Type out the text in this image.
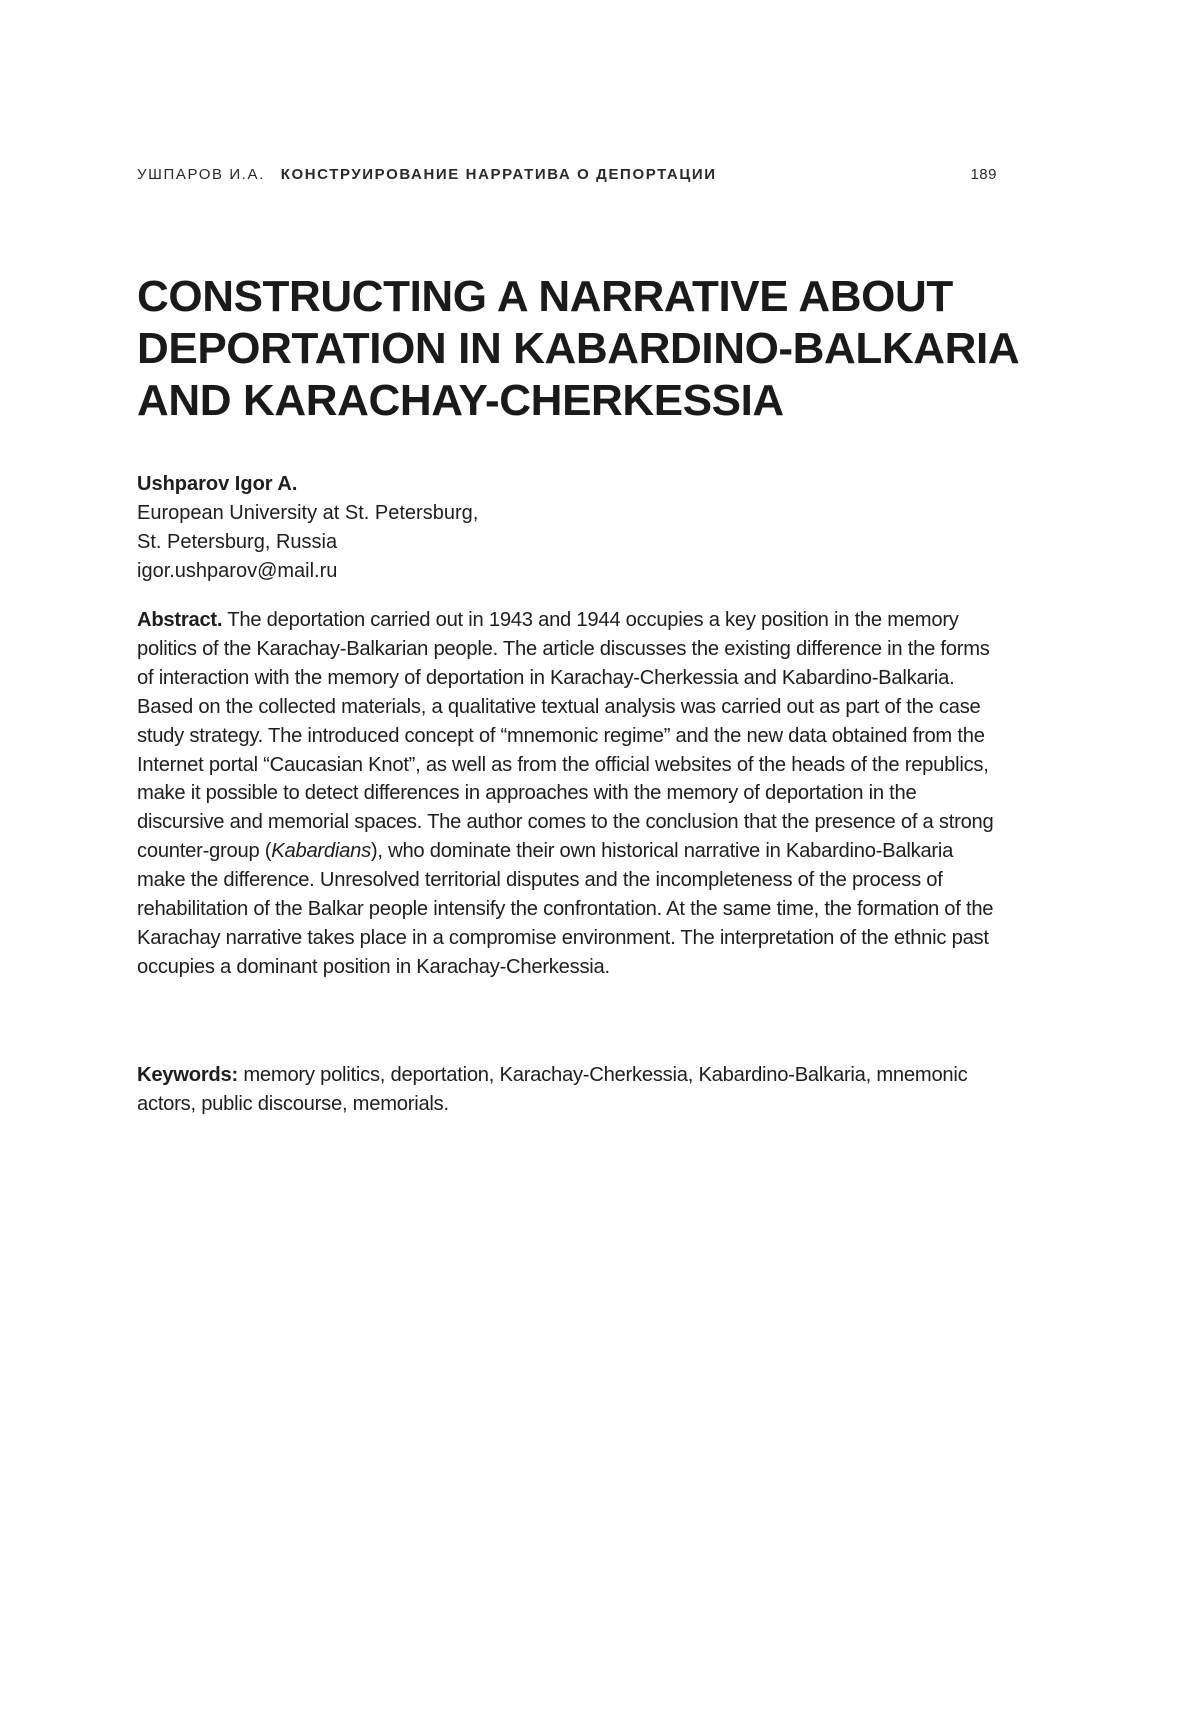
УШПАРОВ И.А. КОНСТРУИРОВАНИЕ НАРРАТИВА О ДЕПОРТАЦИИ	189
CONSTRUCTING A NARRATIVE ABOUT
DEPORTATION IN KABARDINO-BALKARIA
AND KARACHAY-CHERKESSIA
Ushparov Igor A.
European University at St. Petersburg,
St. Petersburg, Russia
igor.ushparov@mail.ru

Abstract. The deportation carried out in 1943 and 1944 occupies a key position in the memory politics of the Karachay-Balkarian people. The article discusses the existing difference in the forms of interaction with the memory of deportation in Karachay-Cherkessia and Kabardino-Balkaria. Based on the collected materials, a qualitative textual analysis was carried out as part of the case study strategy. The introduced concept of “mnemonic regime” and the new data obtained from the Internet portal “Caucasian Knot”, as well as from the official websites of the heads of the republics, make it possible to detect differences in approaches with the memory of deportation in the discursive and memorial spaces. The author comes to the conclusion that the presence of a strong counter-group (Kabardians), who dominate their own historical narrative in Kabardino-Balkaria make the difference. Unresolved territorial disputes and the incompleteness of the process of rehabilitation of the Balkar people intensify the confrontation. At the same time, the formation of the Karachay narrative takes place in a compromise environment. The interpretation of the ethnic past occupies a dominant position in Karachay-Cherkessia.

Keywords: memory politics, deportation, Karachay-Cherkessia, Kabardino-Balkaria, mnemonic actors, public discourse, memorials.
